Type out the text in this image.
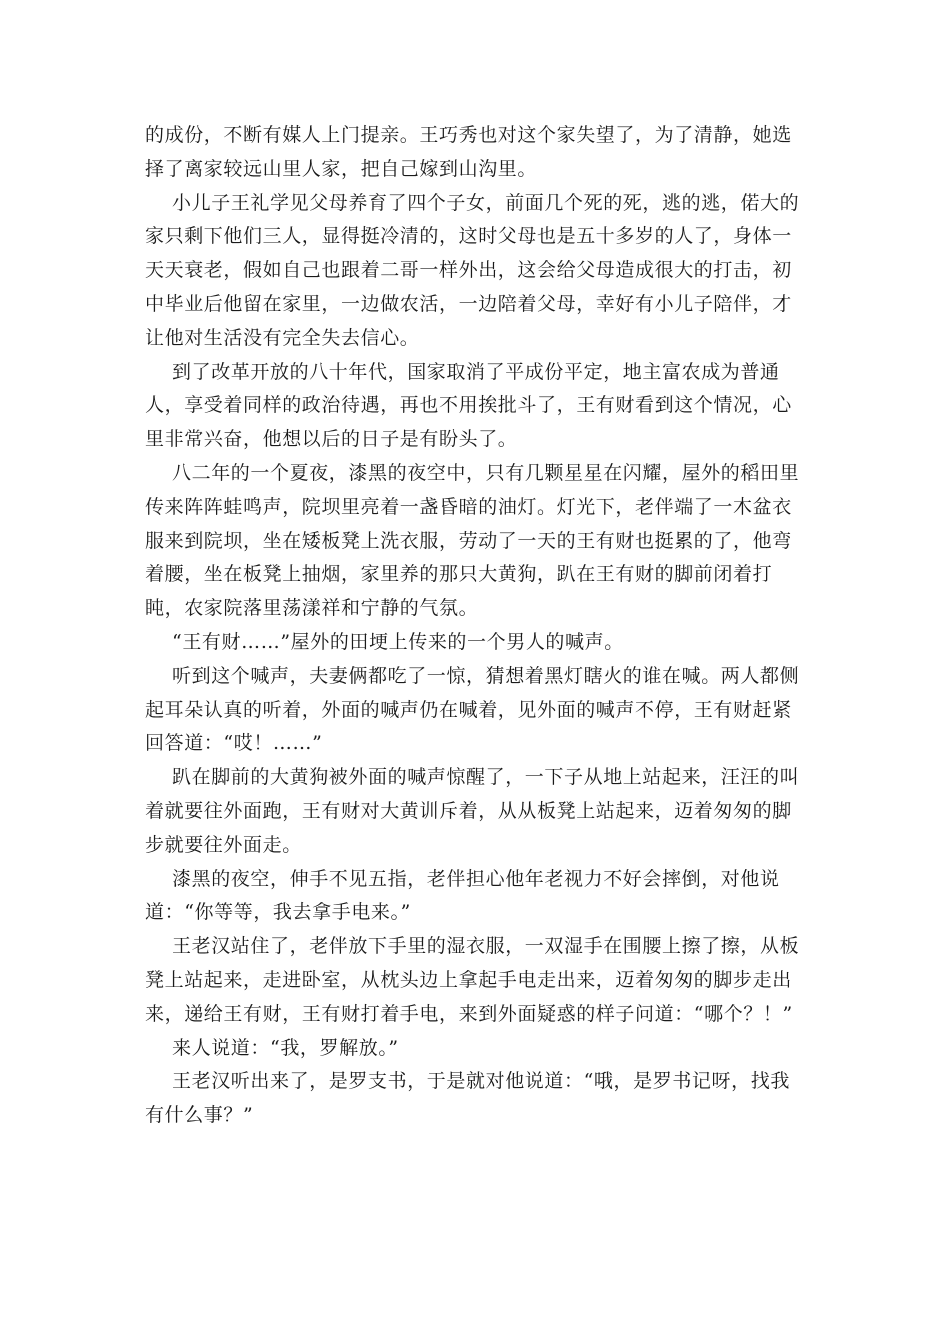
的成份，不断有媒人上门提亲。王巧秀也对这个家失望了，为了清静，她选择了离家较远山里人家，把自己嫁到山沟里。

小儿子王礼学见父母养育了四个子女，前面几个死的死，逃的逃，偌大的家只剩下他们三人，显得挺冷清的，这时父母也是五十多岁的人了，身体一天天衰老，假如自己也跟着二哥一样外出，这会给父母造成很大的打击，初中毕业后他留在家里，一边做农活，一边陪着父母，幸好有小儿子陪伴，才让他对生活没有完全失去信心。

到了改革开放的八十年代，国家取消了平成份平定，地主富农成为普通人，享受着同样的政治待遇，再也不用挨批斗了，王有财看到这个情况，心里非常兴奋，他想以后的日子是有盼头了。

八二年的一个夏夜，漆黑的夜空中，只有几颗星星在闪耀，屋外的稻田里传来阵阵蛙鸣声，院坝里亮着一盏昏暗的油灯。灯光下，老伴端了一木盆衣服来到院坝，坐在矮板凳上洗衣服，劳动了一天的王有财也挺累的了，他弯着腰，坐在板凳上抽烟，家里养的那只大黄狗，趴在王有财的脚前闭着打盹，农家院落里荡漾祥和宁静的气氛。

“王有财……”屋外的田埂上传来的一个男人的喊声。

听到这个喊声，夫妻俩都吃了一惊，猜想着黑灯瞎火的谁在喊。两人都侧起耳朵认真的听着，外面的喊声仍在喊着，见外面的喊声不停，王有财赶紧回答道：“哎！……”

趴在脚前的大黄狗被外面的喊声惊醒了，一下子从地上站起来，汪汪的叫着就要往外面跑，王有财对大黄训斥着，从从板凳上站起来，迈着匆匆的脚步就要往外面走。

漆黑的夜空，伸手不见五指，老伴担心他年老视力不好会摔倒，对他说道：“你等等，我去拿手电来。”

王老汉站住了，老伴放下手里的湿衣服，一双湿手在围腰上擦了擦，从板凳上站起来，走进卧室，从枕头边上拿起手电走出来，迈着匆匆的脚步走出来，递给王有财，王有财打着手电，来到外面疑惑的样子问道：“哪个？！”

来人说道：“我，罗解放。”

王老汉听出来了，是罗支书，于是就对他说道：“哦，是罗书记呀，找我有什么事？”
